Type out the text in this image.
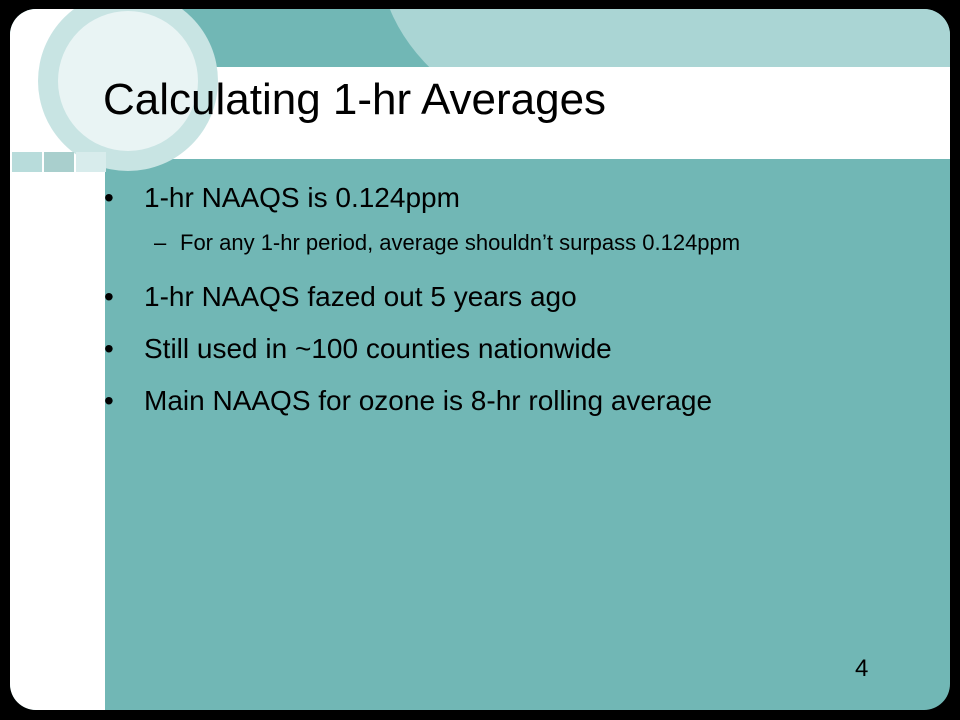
Calculating 1-hr Averages
•	1-hr NAAQS is 0.124ppm
– For any 1-hr period, average shouldn’t surpass 0.124ppm
•	1-hr NAAQS fazed out 5 years ago
•	Still used in ~100 counties nationwide
•	Main NAAQS for ozone is 8-hr rolling average
4
